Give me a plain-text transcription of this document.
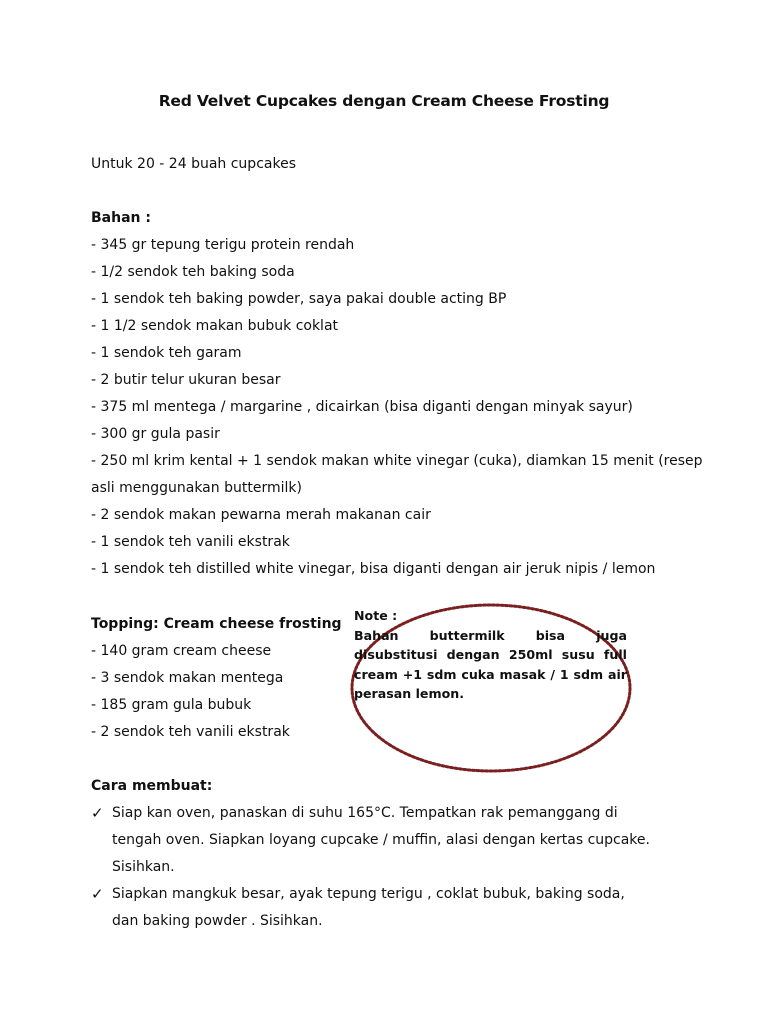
Red Velvet Cupcakes dengan Cream Cheese Frosting
Untuk 20 - 24 buah cupcakes
Bahan :
- 345 gr tepung terigu protein rendah
- 1/2 sendok teh baking soda
- 1 sendok teh baking powder, saya pakai double acting BP
- 1 1/2 sendok makan bubuk coklat
- 1 sendok teh garam
- 2 butir telur ukuran besar
- 375 ml mentega / margarine , dicairkan (bisa diganti dengan minyak sayur)
- 300 gr gula pasir
- 250 ml krim kental + 1 sendok makan white vinegar (cuka), diamkan 15 menit (resep
asli menggunakan buttermilk)
- 2 sendok makan pewarna merah makanan cair
- 1 sendok teh vanili ekstrak
- 1 sendok teh distilled white vinegar, bisa diganti dengan air jeruk nipis / lemon
Topping: Cream cheese frosting
- 140 gram cream cheese
- 3 sendok makan mentega
- 185 gram gula bubuk
- 2 sendok teh vanili ekstrak
Note :
Bahan buttermilk bisa juga disubstitusi dengan 250ml susu full cream +1 sdm cuka masak / 1 sdm air perasan lemon.
Cara membuat:
✓ Siap kan oven, panaskan di suhu 165°C. Tempatkan rak pemanggang di tengah oven. Siapkan loyang cupcake / muffin, alasi dengan kertas cupcake. Sisihkan.
✓ Siapkan mangkuk besar, ayak tepung terigu , coklat bubuk, baking soda, dan baking powder . Sisihkan.
